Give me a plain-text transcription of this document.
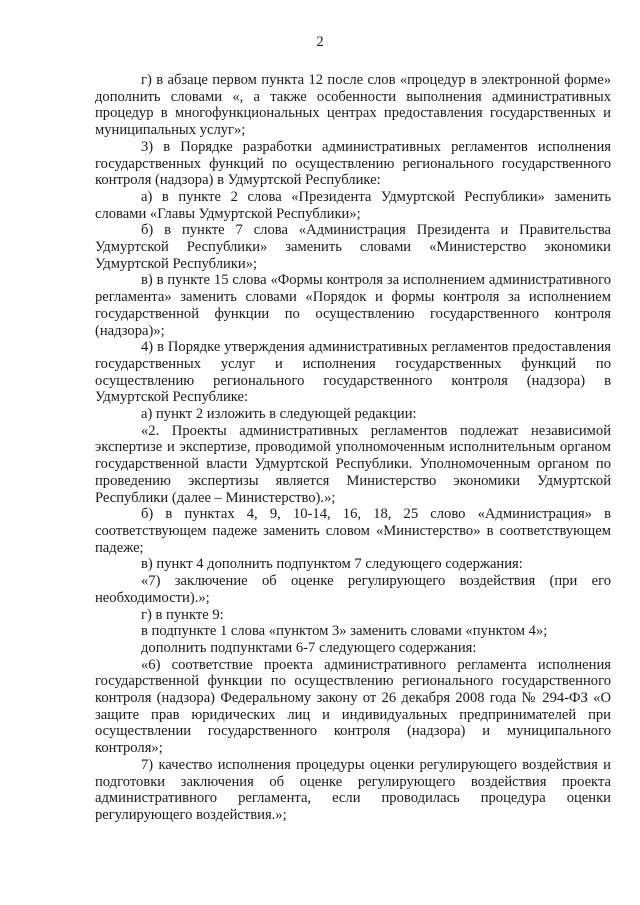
2

г) в абзаце первом пункта 12 после слов «процедур в электронной форме» дополнить словами «, а также особенности выполнения административных процедур в многофункциональных центрах предоставления государственных и муниципальных услуг»;

3) в Порядке разработки административных регламентов исполнения государственных функций по осуществлению регионального государственного контроля (надзора) в Удмуртской Республике:

а) в пункте 2 слова «Президента Удмуртской Республики» заменить словами «Главы Удмуртской Республики»;

б) в пункте 7 слова «Администрация Президента и Правительства Удмуртской Республики» заменить словами «Министерство экономики Удмуртской Республики»;

в) в пункте 15 слова «Формы контроля за исполнением административного регламента» заменить словами «Порядок и формы контроля за исполнением государственной функции по осуществлению государственного контроля (надзора)»;

4) в Порядке утверждения административных регламентов предоставления государственных услуг и исполнения государственных функций по осуществлению регионального государственного контроля (надзора) в Удмуртской Республике:

а) пункт 2 изложить в следующей редакции:

«2. Проекты административных регламентов подлежат независимой экспертизе и экспертизе, проводимой уполномоченным исполнительным органом государственной власти Удмуртской Республики. Уполномоченным органом по проведению экспертизы является Министерство экономики Удмуртской Республики (далее – Министерство).»;

б) в пунктах 4, 9, 10-14, 16, 18, 25 слово «Администрация» в соответствующем падеже заменить словом «Министерство» в соответствующем падеже;

в) пункт 4 дополнить подпунктом 7 следующего содержания:

«7) заключение об оценке регулирующего воздействия (при его необходимости).»;

г) в пункте 9:

в подпункте 1 слова «пунктом 3» заменить словами «пунктом 4»;

дополнить подпунктами 6-7 следующего содержания:

«6) соответствие проекта административного регламента исполнения государственной функции по осуществлению регионального государственного контроля (надзора) Федеральному закону от 26 декабря 2008 года № 294-ФЗ «О защите прав юридических лиц и индивидуальных предпринимателей при осуществлении государственного контроля (надзора) и муниципального контроля»;

7) качество исполнения процедуры оценки регулирующего воздействия и подготовки заключения об оценке регулирующего воздействия проекта административного регламента, если проводилась процедура оценки регулирующего воздействия.»;
